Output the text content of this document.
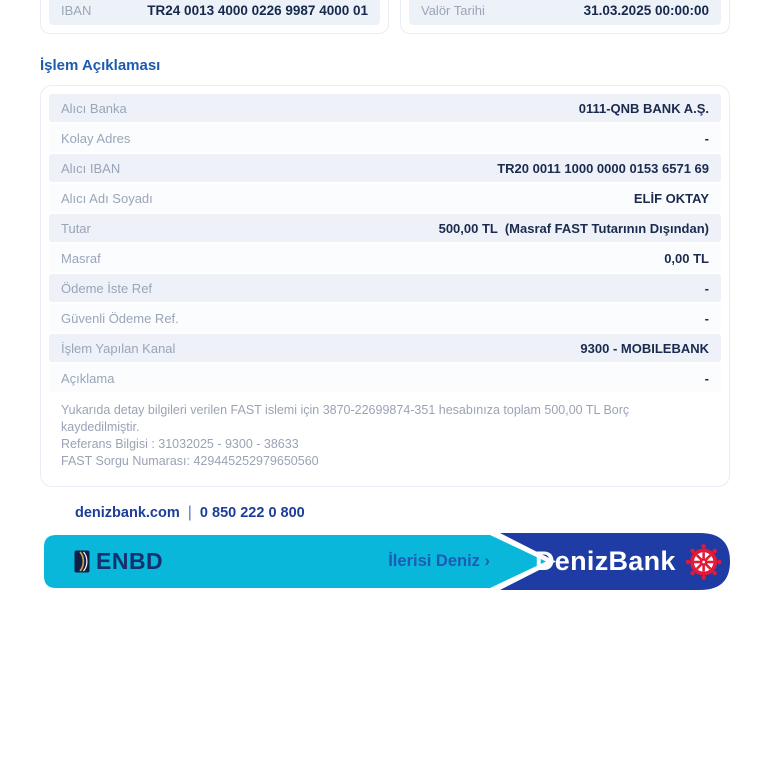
IBAN	TR24 0013 4000 0226 9987 4000 01	Valör Tarihi	31.03.2025 00:00:00
İşlem Açıklaması
Alıcı Banka	0111-QNB BANK A.Ş.
Kolay Adres	-
Alıcı IBAN	TR20 0011 1000 0000 0153 6571 69
Alıcı Adı Soyadı	ELİF OKTAY
Tutar	500,00 TL  (Masraf FAST Tutarının Dışından)
Masraf	0,00 TL
Ödeme İste Ref	-
Güvenli Ödeme Ref.	-
İşlem Yapılan Kanal	9300 - MOBILEBANK
Açıklama	-
Yukarıda detay bilgileri verilen FAST islemi için 3870-22699874-351 hesabınıza toplam 500,00 TL Borç kaydedilmiştir.
Referans Bilgisi : 31032025 - 9300 - 38633
FAST Sorgu Numarası: 429445252979650560
denizbank.com | 0 850 222 0 800
ENBD	İlerisi Deniz › DenizBank
